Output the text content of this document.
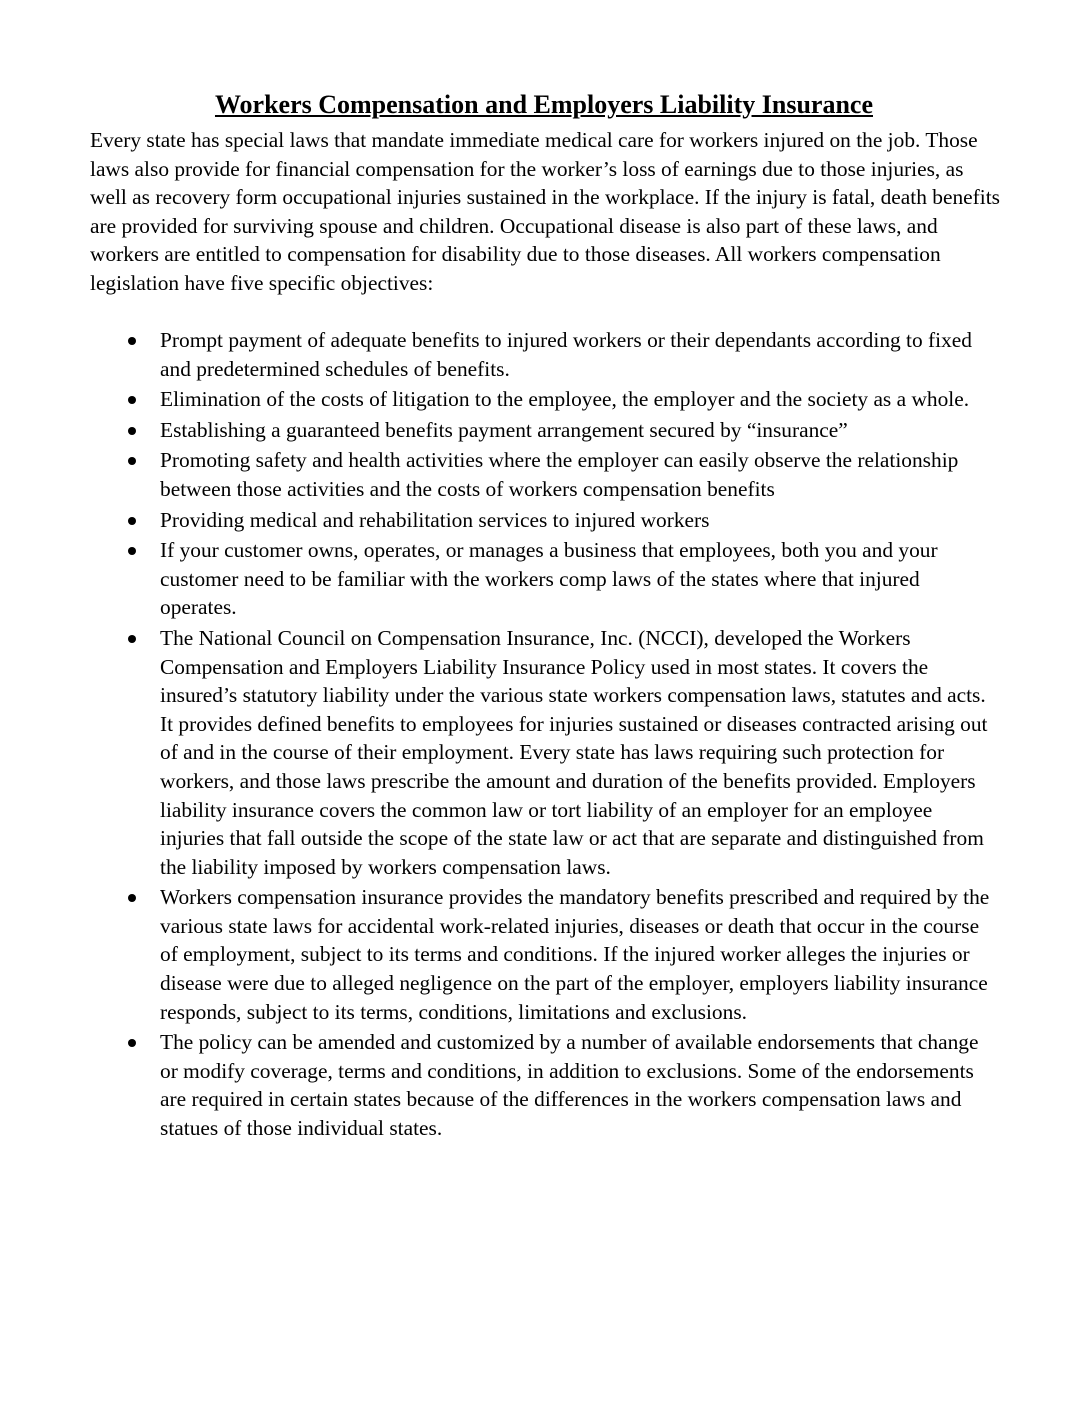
Workers Compensation and Employers Liability Insurance

Every state has special laws that mandate immediate medical care for workers injured on the job. Those laws also provide for financial compensation for the worker’s loss of earnings due to those injuries, as well as recovery form occupational injuries sustained in the workplace. If the injury is fatal, death benefits are provided for surviving spouse and children. Occupational disease is also part of these laws, and workers are entitled to compensation for disability due to those diseases. All workers compensation legislation have five specific objectives:

Prompt payment of adequate benefits to injured workers or their dependants according to fixed and predetermined schedules of benefits.
Elimination of the costs of litigation to the employee, the employer and the society as a whole.
Establishing a guaranteed benefits payment arrangement secured by “insurance”
Promoting safety and health activities where the employer can easily observe the relationship between those activities and the costs of workers compensation benefits
Providing medical and rehabilitation services to injured workers
If your customer owns, operates, or manages a business that employees, both you and your customer need to be familiar with the workers comp laws of the states where that injured operates.
The National Council on Compensation Insurance, Inc. (NCCI), developed the Workers Compensation and Employers Liability Insurance Policy used in most states. It covers the insured’s statutory liability under the various state workers compensation laws, statutes and acts. It provides defined benefits to employees for injuries sustained or diseases contracted arising out of and in the course of their employment. Every state has laws requiring such protection for workers, and those laws prescribe the amount and duration of the benefits provided. Employers liability insurance covers the common law or tort liability of an employer for an employee injuries that fall outside the scope of the state law or act that are separate and distinguished from the liability imposed by workers compensation laws.
Workers compensation insurance provides the mandatory benefits prescribed and required by the various state laws for accidental work-related injuries, diseases or death that occur in the course of employment, subject to its terms and conditions. If the injured worker alleges the injuries or disease were due to alleged negligence on the part of the employer, employers liability insurance responds, subject to its terms, conditions, limitations and exclusions.
The policy can be amended and customized by a number of available endorsements that change or modify coverage, terms and conditions, in addition to exclusions. Some of the endorsements are required in certain states because of the differences in the workers compensation laws and statues of those individual states.
